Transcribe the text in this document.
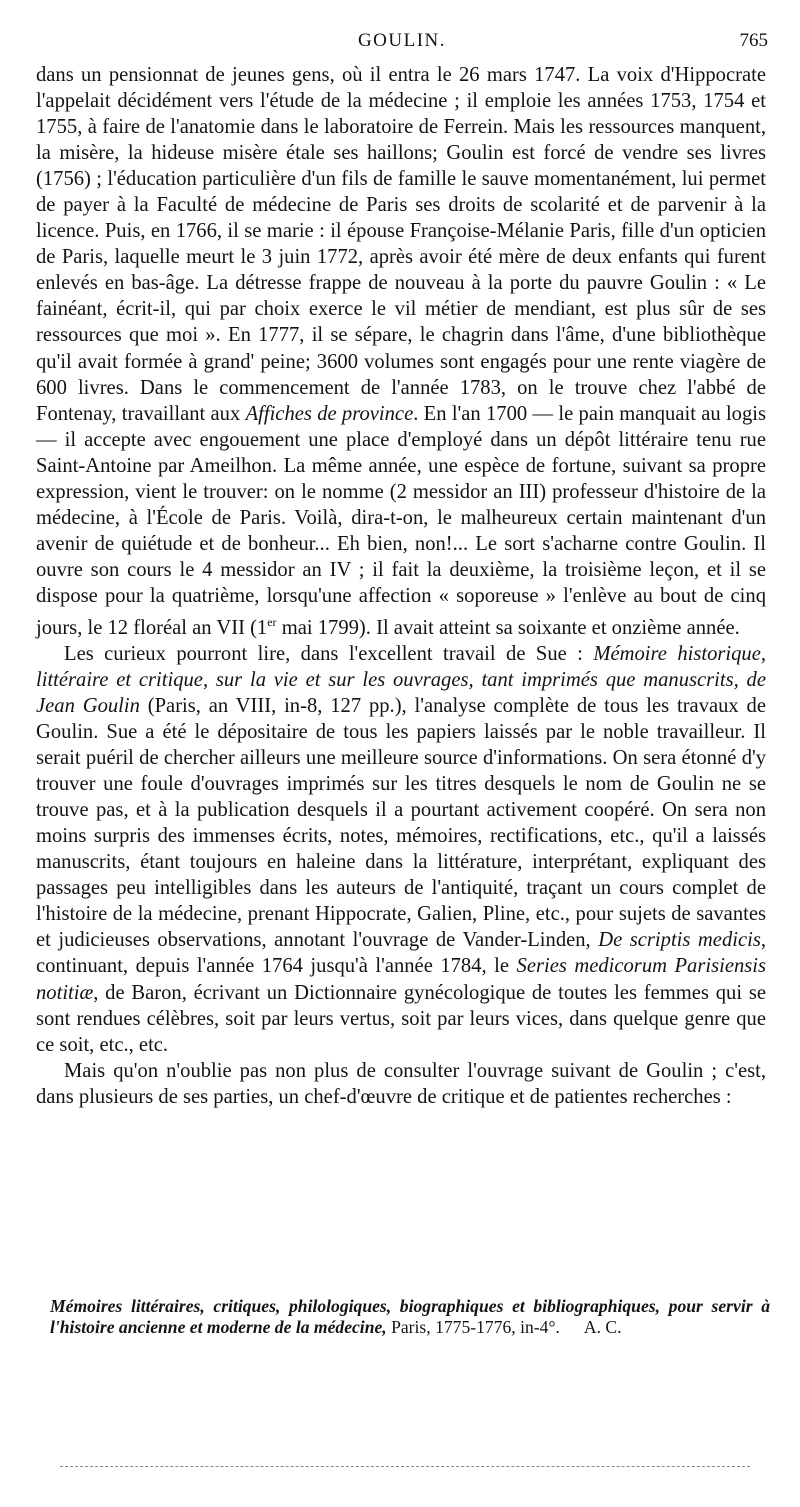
GOULIN.	765

dans un pensionnat de jeunes gens, où il entra le 26 mars 1747. La voix d'Hippocrate l'appelait décidément vers l'étude de la médecine ; il emploie les années 1753, 1754 et 1755, à faire de l'anatomie dans le laboratoire de Ferrein. Mais les ressources manquent, la misère, la hideuse misère étale ses haillons; Goulin est forcé de vendre ses livres (1756) ; l'éducation particulière d'un fils de famille le sauve momentanément, lui permet de payer à la Faculté de médecine de Paris ses droits de scolarité et de parvenir à la licence. Puis, en 1766, il se marie : il épouse Françoise-Mélanie Paris, fille d'un opticien de Paris, laquelle meurt le 3 juin 1772, après avoir été mère de deux enfants qui furent enlevés en bas-âge. La détresse frappe de nouveau à la porte du pauvre Goulin : « Le fainéant, écrit-il, qui par choix exerce le vil métier de mendiant, est plus sûr de ses ressources que moi ». En 1777, il se sépare, le chagrin dans l'âme, d'une bibliothèque qu'il avait formée à grand' peine; 3600 volumes sont engagés pour une rente viagère de 600 livres. Dans le commencement de l'année 1783, on le trouve chez l'abbé de Fontenay, travaillant aux Affiches de province. En l'an 1700 — le pain manquait au logis — il accepte avec engouement une place d'employé dans un dépôt littéraire tenu rue Saint-Antoine par Ameilhon. La même année, une espèce de fortune, suivant sa propre expression, vient le trouver: on le nomme (2 messidor an III) professeur d'histoire de la médecine, à l'École de Paris. Voilà, dira-t-on, le malheureux certain maintenant d'un avenir de quiétude et de bonheur... Eh bien, non!... Le sort s'acharne contre Goulin. Il ouvre son cours le 4 messidor an IV ; il fait la deuxième, la troisième leçon, et il se dispose pour la quatrième, lorsqu'une affection « soporeuse » l'enlève au bout de cinq jours, le 12 floréal an VII (1er mai 1799). Il avait atteint sa soixante et onzième année.

Les curieux pourront lire, dans l'excellent travail de Sue : Mémoire historique, littéraire et critique, sur la vie et sur les ouvrages, tant imprimés que manuscrits, de Jean Goulin (Paris, an VIII, in-8, 127 pp.), l'analyse complète de tous les travaux de Goulin. Sue a été le dépositaire de tous les papiers laissés par le noble travailleur. Il serait puéril de chercher ailleurs une meilleure source d'informations. On sera étonné d'y trouver une foule d'ouvrages imprimés sur les titres desquels le nom de Goulin ne se trouve pas, et à la publication desquels il a pourtant activement coopéré. On sera non moins surpris des immenses écrits, notes, mémoires, rectifications, etc., qu'il a laissés manuscrits, étant toujours en haleine dans la littérature, interprétant, expliquant des passages peu intelligibles dans les auteurs de l'antiquité, traçant un cours complet de l'histoire de la médecine, prenant Hippocrate, Galien, Pline, etc., pour sujets de savantes et judicieuses observations, annotant l'ouvrage de Vander-Linden, De scriptis medicis, continuant, depuis l'année 1764 jusqu'à l'année 1784, le Series medicorum Parisiensis notitiæ, de Baron, écrivant un Dictionnaire gynécologique de toutes les femmes qui se sont rendues célèbres, soit par leurs vertus, soit par leurs vices, dans quelque genre que ce soit, etc., etc.

Mais qu'on n'oublie pas non plus de consulter l'ouvrage suivant de Goulin ; c'est, dans plusieurs de ses parties, un chef-d'œuvre de critique et de patientes recherches :

Mémoires littéraires, critiques, philologiques, biographiques et bibliographiques, pour servir à l'histoire ancienne et moderne de la médecine, Paris, 1775-1776, in-4°. A. C.
